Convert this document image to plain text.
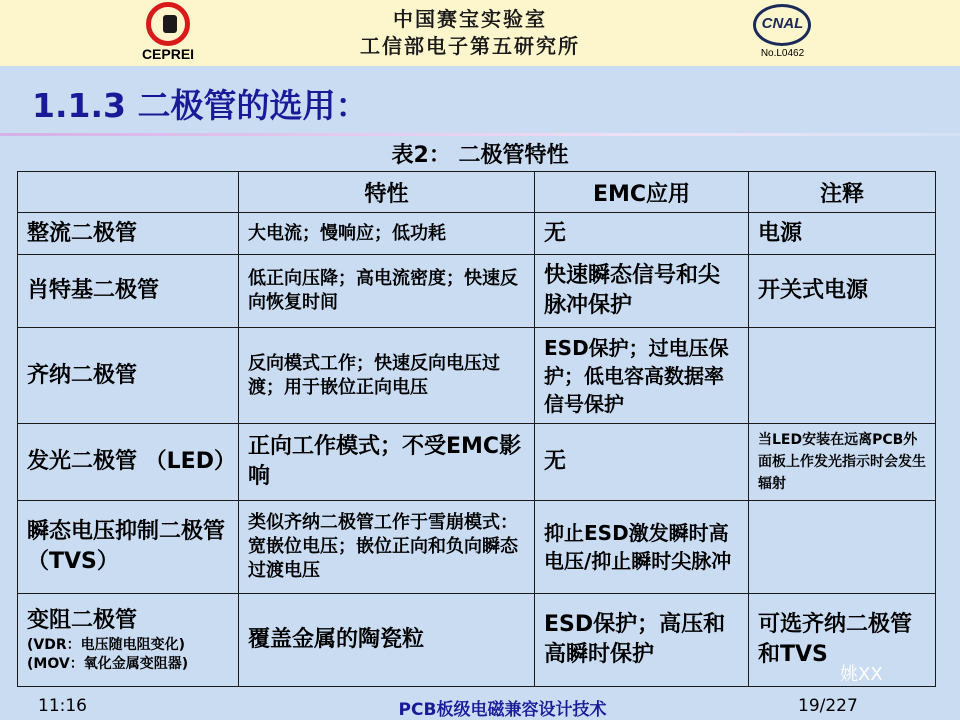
CEPREI
中国赛宝实验室
工信部电子第五研究所
CNAL
No.L0462
1.1.3 二极管的选用：
表2： 二极管特性
	特性	EMC应用	注释
整流二极管	大电流；慢响应；低功耗	无	电源
肖特基二极管	低正向压降；高电流密度；快速反向恢复时间	快速瞬态信号和尖脉冲保护	开关式电源
齐纳二极管	反向模式工作；快速反向电压过渡；用于嵌位正向电压	ESD保护；过电压保护；低电容高数据率信号保护	
发光二极管 （LED）	正向工作模式；不受EMC影响	无	当LED安装在远离PCB外面板上作发光指示时会发生辐射
瞬态电压抑制二极管 （TVS）	类似齐纳二极管工作于雪崩模式：宽嵌位电压；嵌位正向和负向瞬态过渡电压	抑止ESD激发瞬时高电压/抑止瞬时尖脉冲	
变阻二极管
(VDR：电压随电阻变化) (MOV：氧化金属变阻器)	覆盖金属的陶瓷粒	ESD保护；高压和高瞬时保护	可选齐纳二极管和TVS
11:16	PCB板级电磁兼容设计技术	19/227
姚XX
